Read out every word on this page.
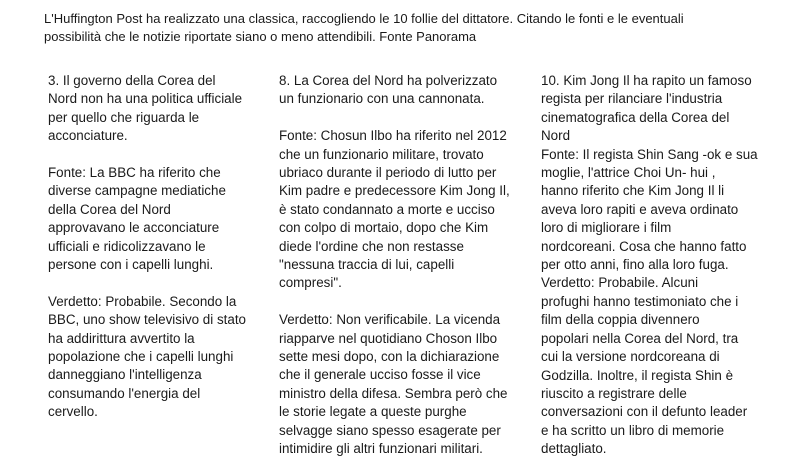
L'Huffington Post ha realizzato una classica, raccogliendo le 10 follie del dittatore. Citando le fonti e le eventuali
possibilità che le notizie riportate siano o meno attendibili. Fonte Panorama

3. Il governo della Corea del
Nord non ha una politica ufficiale
per quello che riguarda le
acconciature.

Fonte: La BBC ha riferito che
diverse campagne mediatiche
della Corea del Nord
approvavano le acconciature
ufficiali e ridicolizzavano le
persone con i capelli lunghi.

Verdetto: Probabile. Secondo la
BBC, uno show televisivo di stato
ha addirittura avvertito la
popolazione che i capelli lunghi
danneggiano l'intelligenza
consumando l'energia del
cervello.

8. La Corea del Nord ha polverizzato
un funzionario con una cannonata.

Fonte: Chosun Ilbo ha riferito nel 2012
che un funzionario militare, trovato
ubriaco durante il periodo di lutto per
Kim padre e predecessore Kim Jong Il,
è stato condannato a morte e ucciso
con colpo di mortaio, dopo che Kim
diede l'ordine che non restasse
"nessuna traccia di lui, capelli
compresi".

Verdetto: Non verificabile. La vicenda
riapparve nel quotidiano Choson Ilbo
sette mesi dopo, con la dichiarazione
che il generale ucciso fosse il vice
ministro della difesa. Sembra però che
le storie legate a queste purghe
selvagge siano spesso esagerate per
intimidire gli altri funzionari militari.

10. Kim Jong Il ha rapito un famoso
regista per rilanciare l'industria
cinematografica della Corea del
Nord

Fonte: Il regista Shin Sang -ok e sua
moglie, l'attrice Choi Un- hui ,
hanno riferito che Kim Jong Il li
aveva loro rapiti e aveva ordinato
loro di migliorare i film
nordcoreani. Cosa che hanno fatto
per otto anni, fino alla loro fuga.

Verdetto: Probabile. Alcuni
profughi hanno testimoniato che i
film della coppia divennero
popolari nella Corea del Nord, tra
cui la versione nordcoreana di
Godzilla. Inoltre, il regista Shin è
riuscito a registrare delle
conversazioni con il defunto leader
e ha scritto un libro di memorie
dettagliato.
